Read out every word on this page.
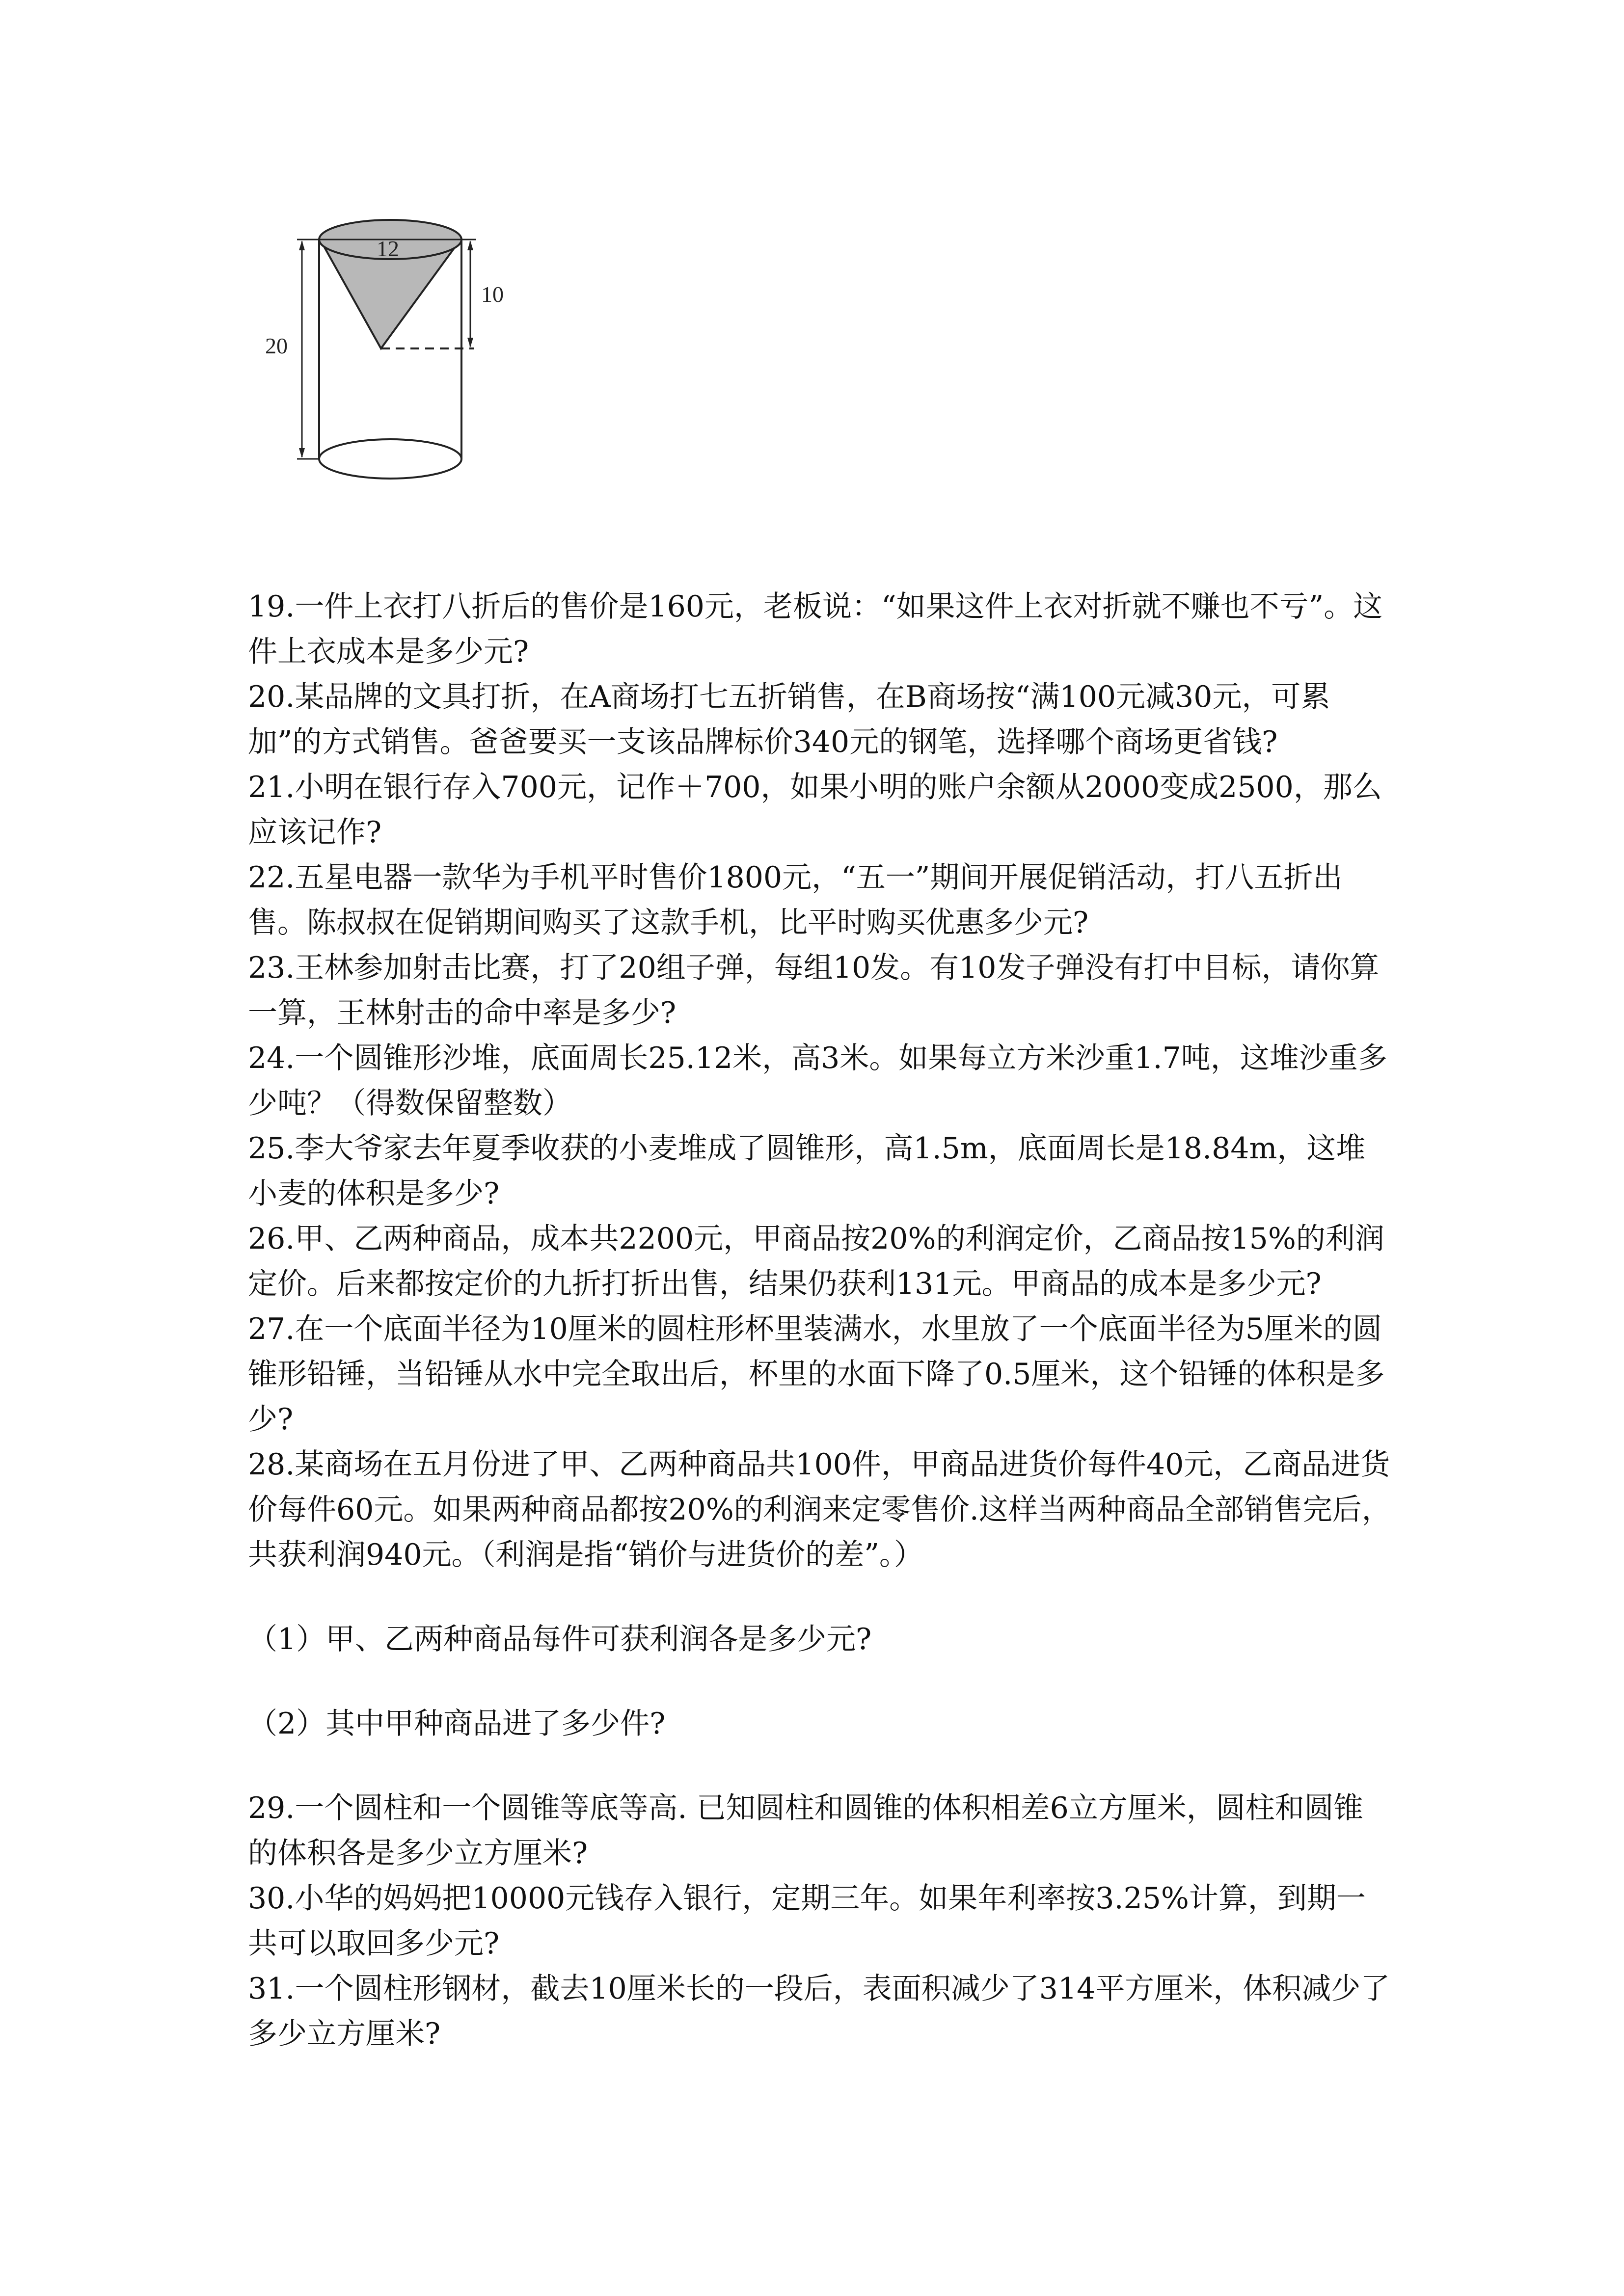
12
10
20

19.一件上衣打八折后的售价是160元，老板说：“如果这件上衣对折就不赚也不亏”。这件上衣成本是多少元?

20.某品牌的文具打折，在A商场打七五折销售，在B商场按“满100元减30元，可累加”的方式销售。爸爸要买一支该品牌标价340元的钢笔，选择哪个商场更省钱?

21.小明在银行存入700元，记作＋700，如果小明的账户余额从2000变成2500，那么应该记作?

22.五星电器一款华为手机平时售价1800元，“五一”期间开展促销活动，打八五折出售。陈叔叔在促销期间购买了这款手机，比平时购买优惠多少元?

23.王林参加射击比赛，打了20组子弹，每组10发。有10发子弹没有打中目标，请你算一算，王林射击的命中率是多少?

24.一个圆锥形沙堆，底面周长25.12米，高3米。如果每立方米沙重1.7吨，这堆沙重多少吨？（得数保留整数）

25.李大爷家去年夏季收获的小麦堆成了圆锥形，高1.5m，底面周长是18.84m，这堆小麦的体积是多少?

26.甲、乙两种商品，成本共2200元，甲商品按20%的利润定价，乙商品按15%的利润定价。后来都按定价的九折打折出售，结果仍获利131元。甲商品的成本是多少元?

27.在一个底面半径为10厘米的圆柱形杯里装满水，水里放了一个底面半径为5厘米的圆锥形铅锤，当铅锤从水中完全取出后，杯里的水面下降了0.5厘米，这个铅锤的体积是多少?

28.某商场在五月份进了甲、乙两种商品共100件，甲商品进货价每件40元，乙商品进货价每件60元。如果两种商品都按20%的利润来定零售价.这样当两种商品全部销售完后，共获利润940元。（利润是指“销价与进货价的差”。）

（1）甲、乙两种商品每件可获利润各是多少元?

（2）其中甲种商品进了多少件?

29.一个圆柱和一个圆锥等底等高. 已知圆柱和圆锥的体积相差6立方厘米，圆柱和圆锥的体积各是多少立方厘米?

30.小华的妈妈把10000元钱存入银行，定期三年。如果年利率按3.25%计算，到期一共可以取回多少元?

31.一个圆柱形钢材，截去10厘米长的一段后，表面积减少了314平方厘米，体积减少了多少立方厘米?
